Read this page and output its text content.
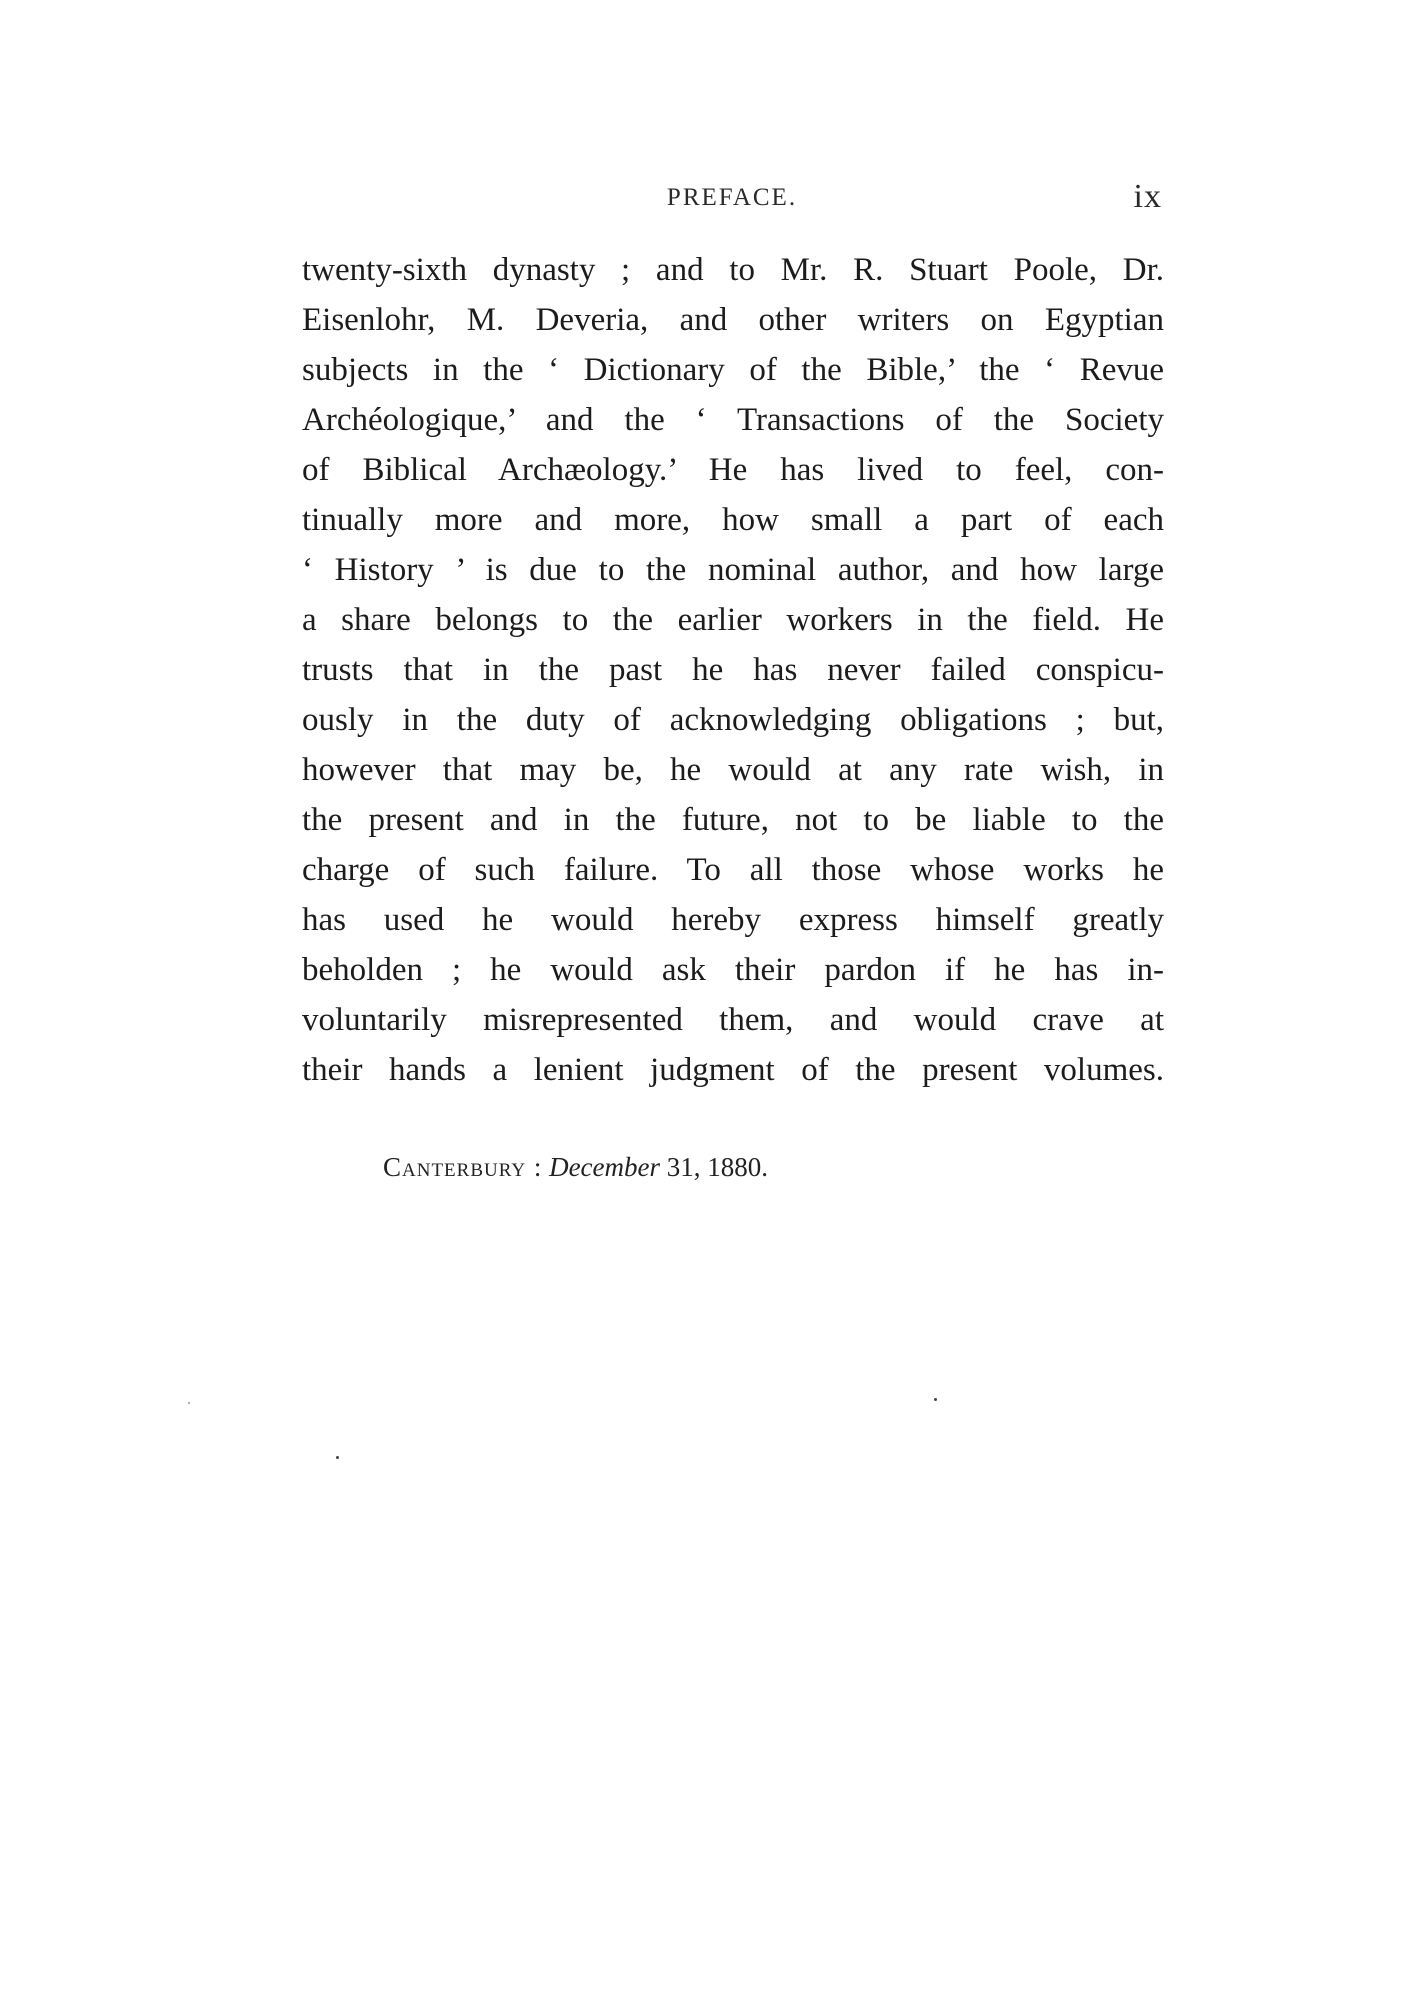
PREFACE.	ix
twenty-sixth dynasty ; and to Mr. R. Stuart Poole, Dr.
Eisenlohr, M. Deveria, and other writers on Egyptian
subjects in the ‘ Dictionary of the Bible,’ the ‘ Revue
Archéologique,’ and the ‘ Transactions of the Society
of Biblical Archæology.’ He has lived to feel, con-
tinually more and more, how small a part of each
‘ History ’ is due to the nominal author, and how large
a share belongs to the earlier workers in the field. He
trusts that in the past he has never failed conspicu-
ously in the duty of acknowledging obligations ; but,
however that may be, he would at any rate wish, in
the present and in the future, not to be liable to the
charge of such failure. To all those whose works he
has used he would hereby express himself greatly
beholden ; he would ask their pardon if he has in-
voluntarily misrepresented them, and would crave at
their hands a lenient judgment of the present volumes.
Canterbury : December 31, 1880.
